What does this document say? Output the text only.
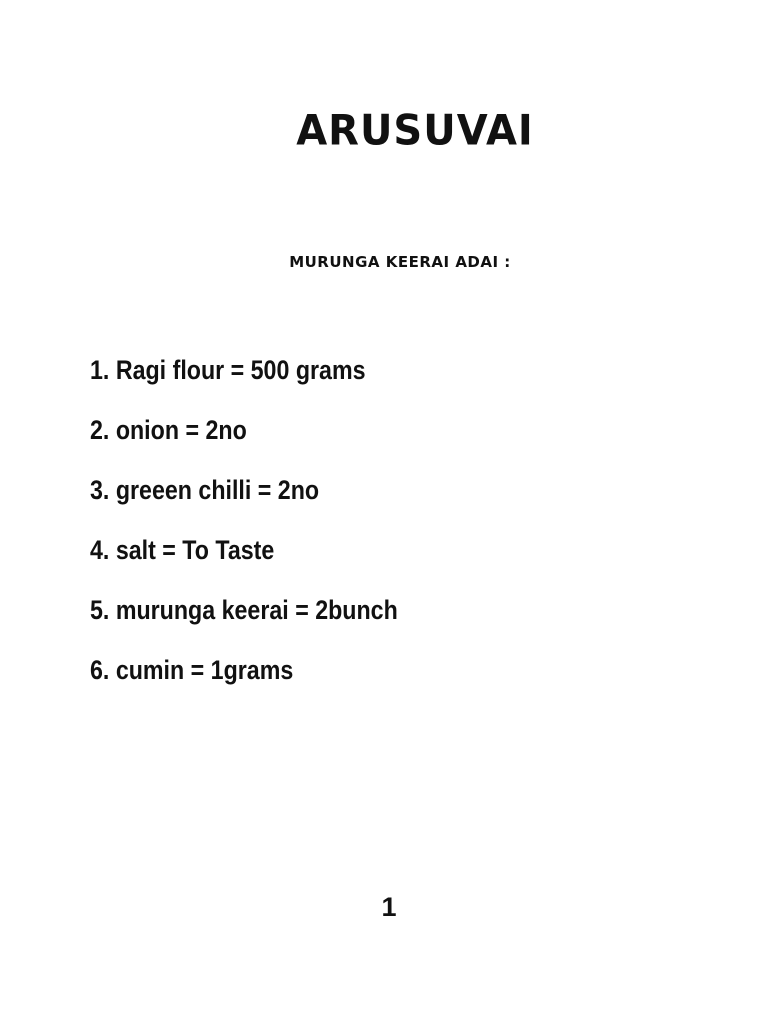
ARUSUVAI
MURUNGA KEERAI ADAI :
1. Ragi flour = 500 grams
2. onion = 2no
3. greeen chilli = 2no
4. salt = To Taste
5. murunga keerai = 2bunch
6. cumin = 1grams
1
